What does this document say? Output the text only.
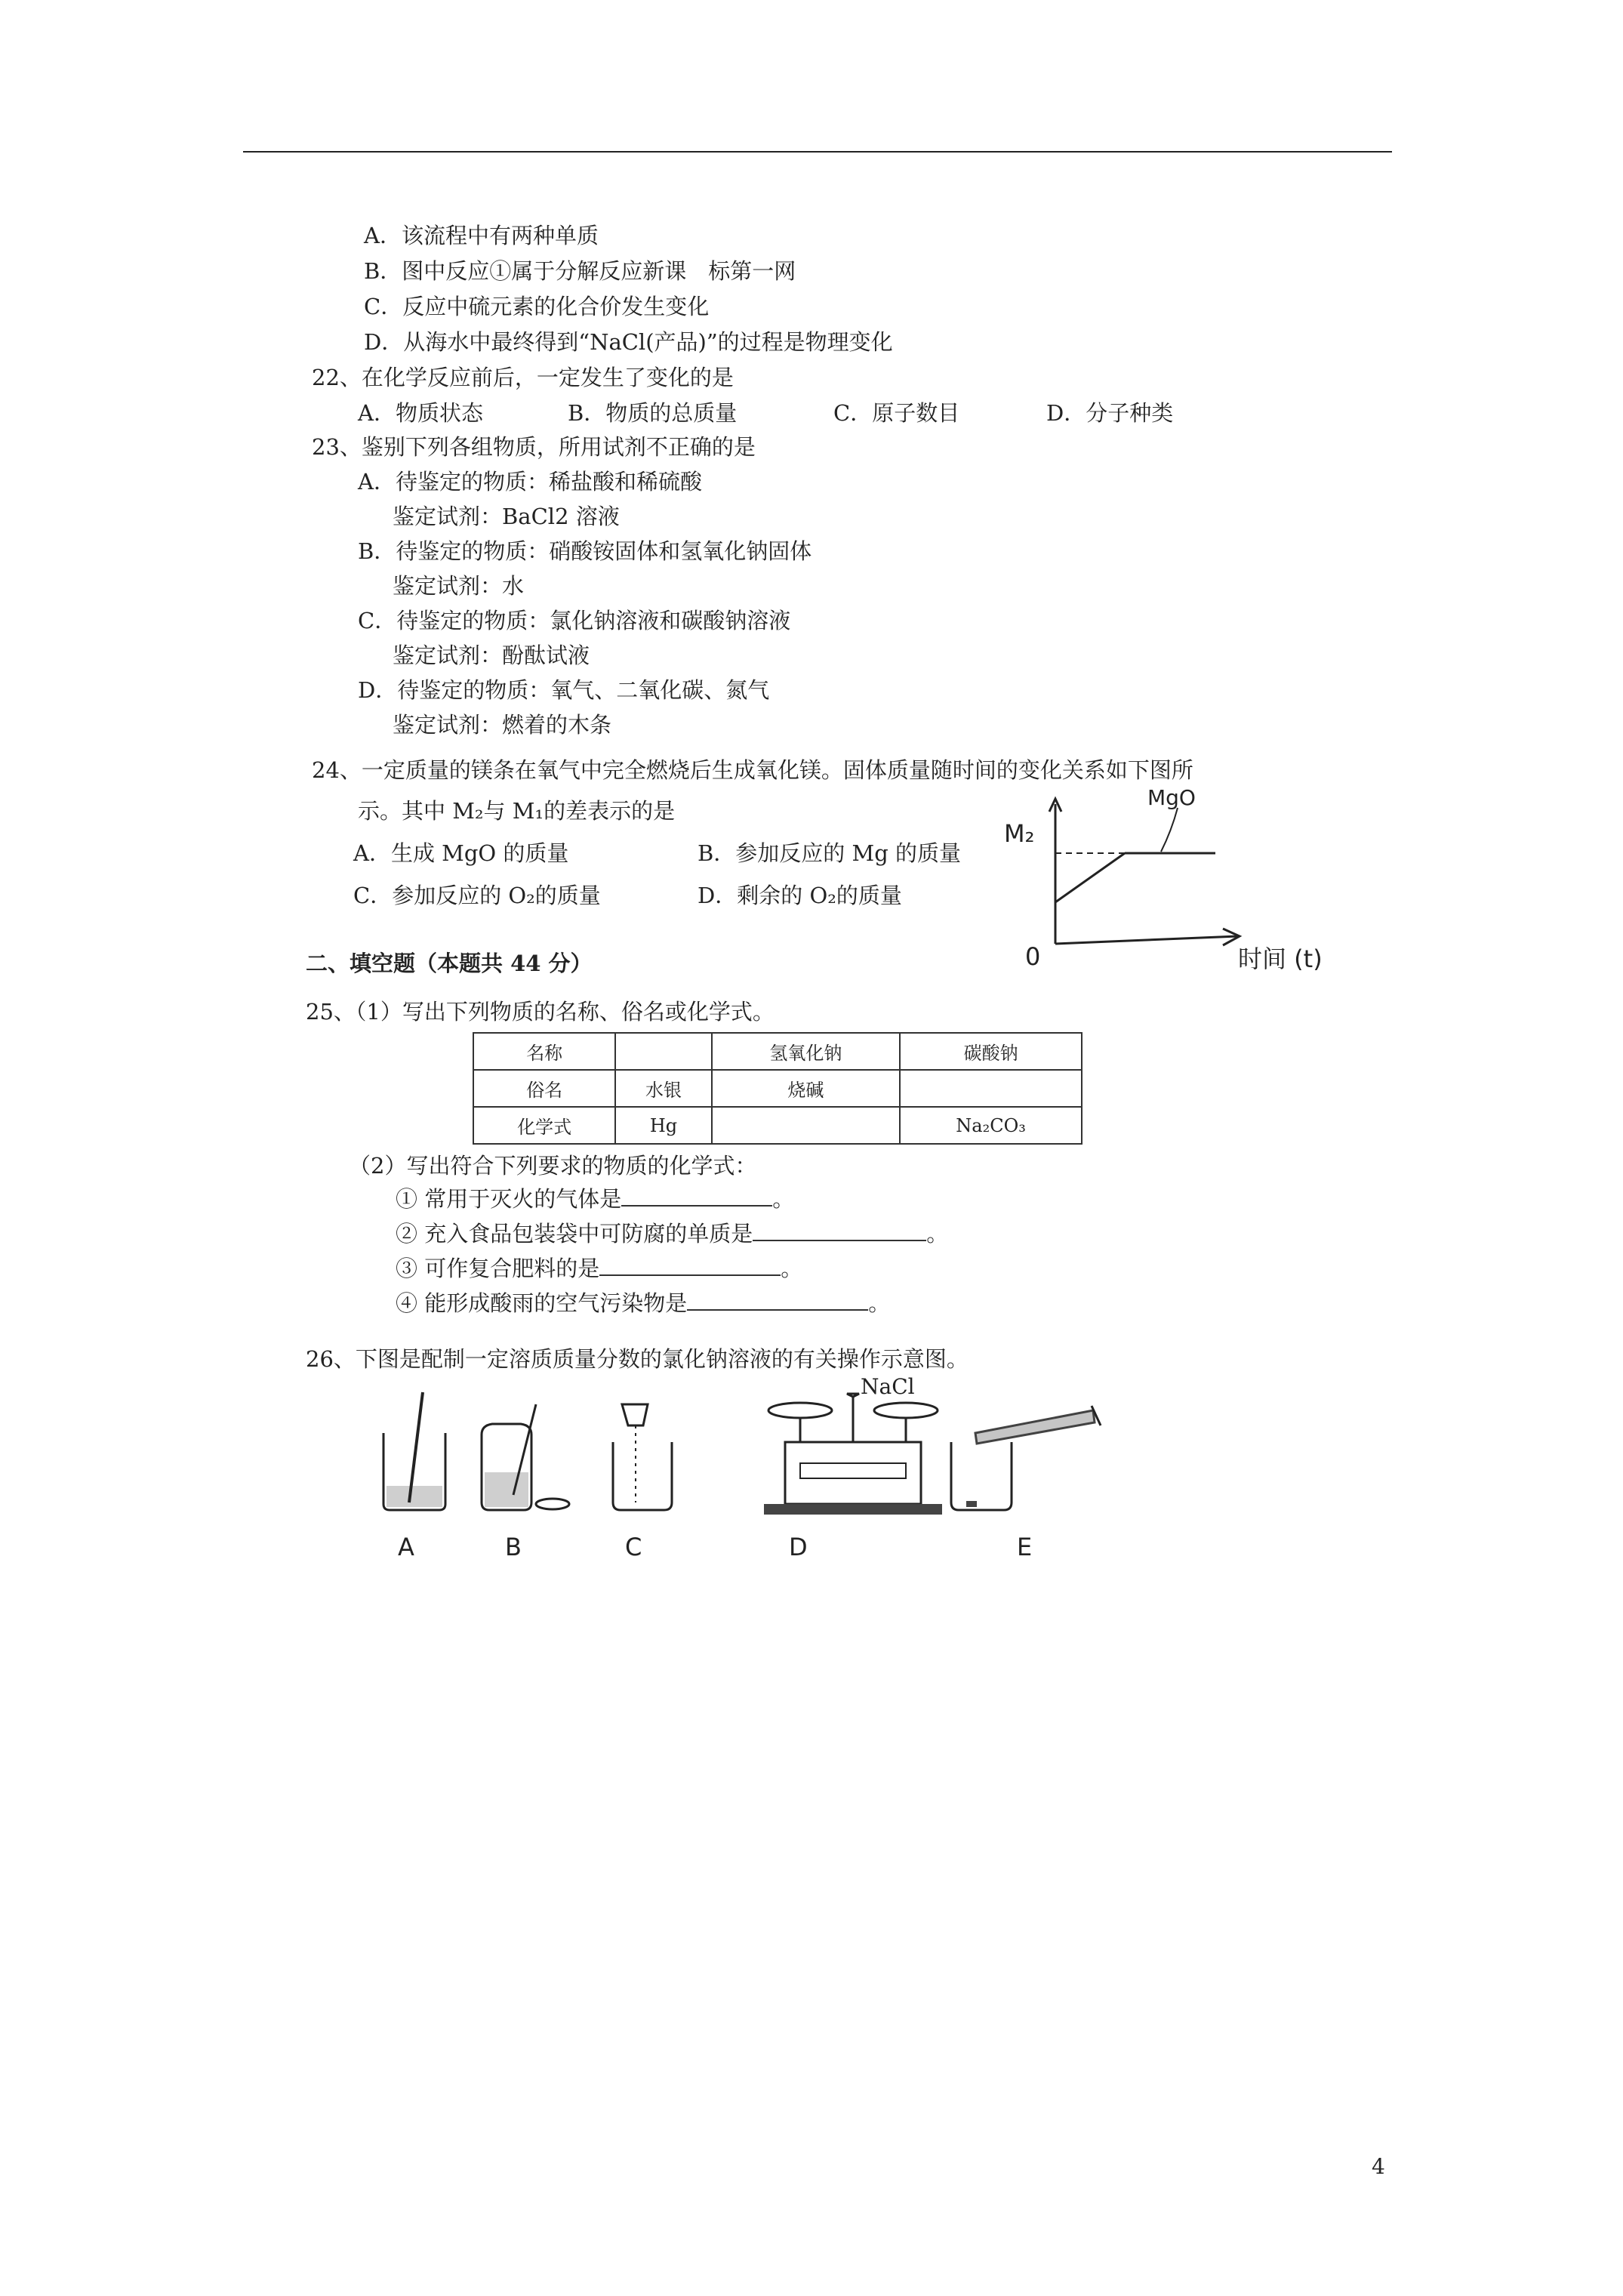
A．该流程中有两种单质
B．图中反应①属于分解反应新课　标第一网
C．反应中硫元素的化合价发生变化
D．从海水中最终得到“NaCl(产品)”的过程是物理变化
22、在化学反应前后，一定发生了变化的是
A．物质状态	B．物质的总质量	C．原子数目	D．分子种类
23、鉴别下列各组物质，所用试剂不正确的是
A．待鉴定的物质：稀盐酸和稀硫酸
鉴定试剂：BaCl2 溶液
B．待鉴定的物质：硝酸铵固体和氢氧化钠固体
鉴定试剂：水
C．待鉴定的物质：氯化钠溶液和碳酸钠溶液
鉴定试剂：酚酞试液
D．待鉴定的物质：氧气、二氧化碳、氮气
鉴定试剂：燃着的木条
24、一定质量的镁条在氧气中完全燃烧后生成氧化镁。固体质量随时间的变化关系如下图所
示。其中 M₂与 M₁的差表示的是
A．生成 MgO 的质量	B．参加反应的 Mg 的质量
C．参加反应的 O₂的质量	D．剩余的 O₂的质量
M₂
0	时间 (t)
MgO
二、填空题（本题共 44 分）
25、（1）写出下列物质的名称、俗名或化学式。
名称		氢氧化钠	碳酸钠
俗名	水银	烧碱	
化学式	Hg		Na₂CO₃
（2）写出符合下列要求的物质的化学式：
① 常用于灭火的气体是	。
② 充入食品包装袋中可防腐的单质是	。
③ 可作复合肥料的是	。
④ 能形成酸雨的空气污染物是	。
26、下图是配制一定溶质质量分数的氯化钠溶液的有关操作示意图。
NaCl
A	B	C	D	E
4
